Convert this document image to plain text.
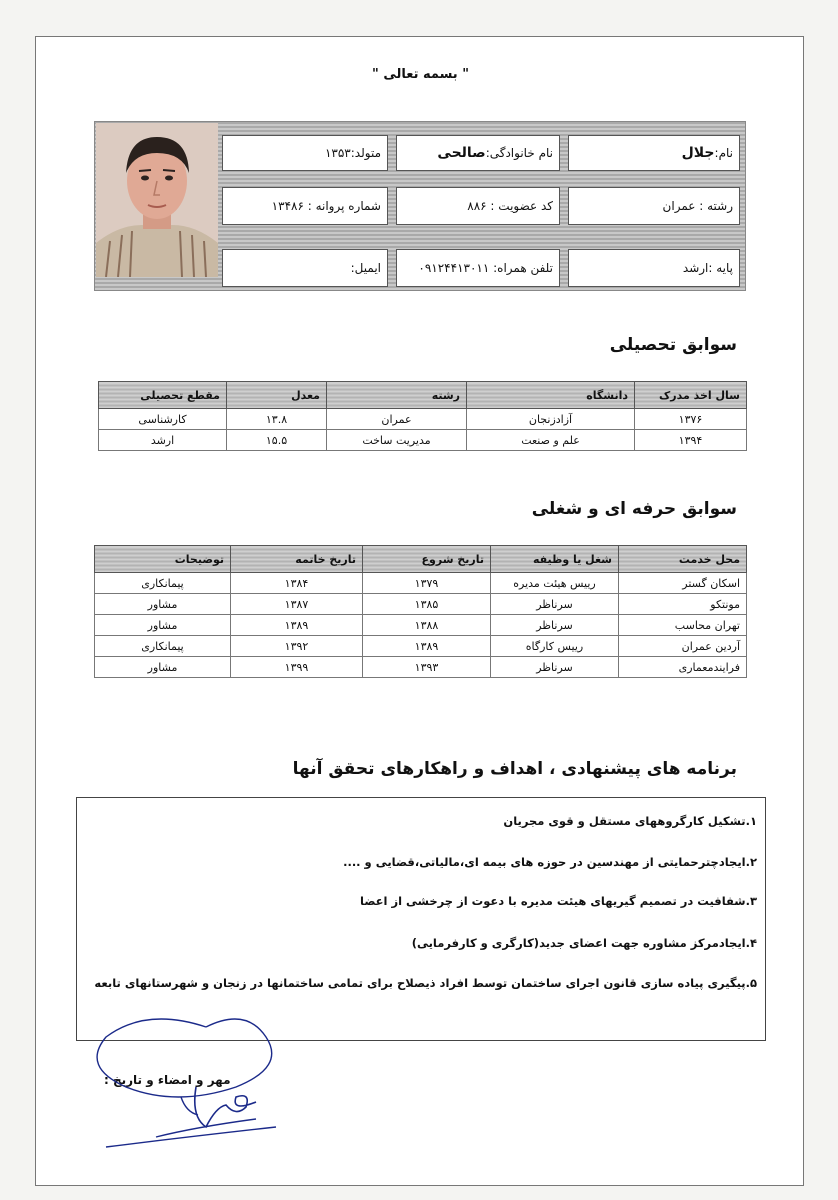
" بسمه تعالی "
نام:
جلال
نام خانوادگی:
صالحی
متولد:۱۳۵۳
رشته : عمران
کد عضویت : ۸۸۶
شماره پروانه : ۱۳۴۸۶
پایه :ارشد
تلفن همراه: ۰۹۱۲۴۴۱۳۰۱۱
ایمیل:
سوابق تحصیلی
سال اخذ مدرک	دانشگاه	رشته	معدل	مقطع تحصیلی
۱۳۷۶	آزادزنجان	عمران	۱۳.۸	کارشناسی
۱۳۹۴	علم و صنعت	مدیریت ساخت	۱۵.۵	ارشد
سوابق حرفه ای و شغلی
محل خدمت	شغل یا وظیفه	تاریخ شروع	تاریخ خاتمه	توضیحات
اسکان گستر	رییس هیئت مدیره	۱۳۷۹	۱۳۸۴	پیمانکاری
مونتکو	سرناظر	۱۳۸۵	۱۳۸۷	مشاور
تهران محاسب	سرناظر	۱۳۸۸	۱۳۸۹	مشاور
آردین عمران	رییس کارگاه	۱۳۸۹	۱۳۹۲	پیمانکاری
فرایندمعماری	سرناظر	۱۳۹۳	۱۳۹۹	مشاور
برنامه های پیشنهادی ، اهداف و راهکارهای تحقق آنها
۱.تشکیل کارگروههای مستقل و قوی مجریان
۲.ایجادچترحمایتی از مهندسین در حوزه های بیمه ای،مالیاتی،قضایی و ....
۳.شفافیت در تصمیم گیریهای هیئت مدیره با دعوت از چرخشی از اعضا
۴.ایجادمرکز مشاوره جهت اعضای جدید(کارگری و کارفرمایی)
۵.پیگیری پیاده سازی قانون اجرای ساختمان توسط افراد ذیصلاح برای تمامی ساختمانها در زنجان و شهرستانهای تابعه
مهر و امضاء و تاریخ :
